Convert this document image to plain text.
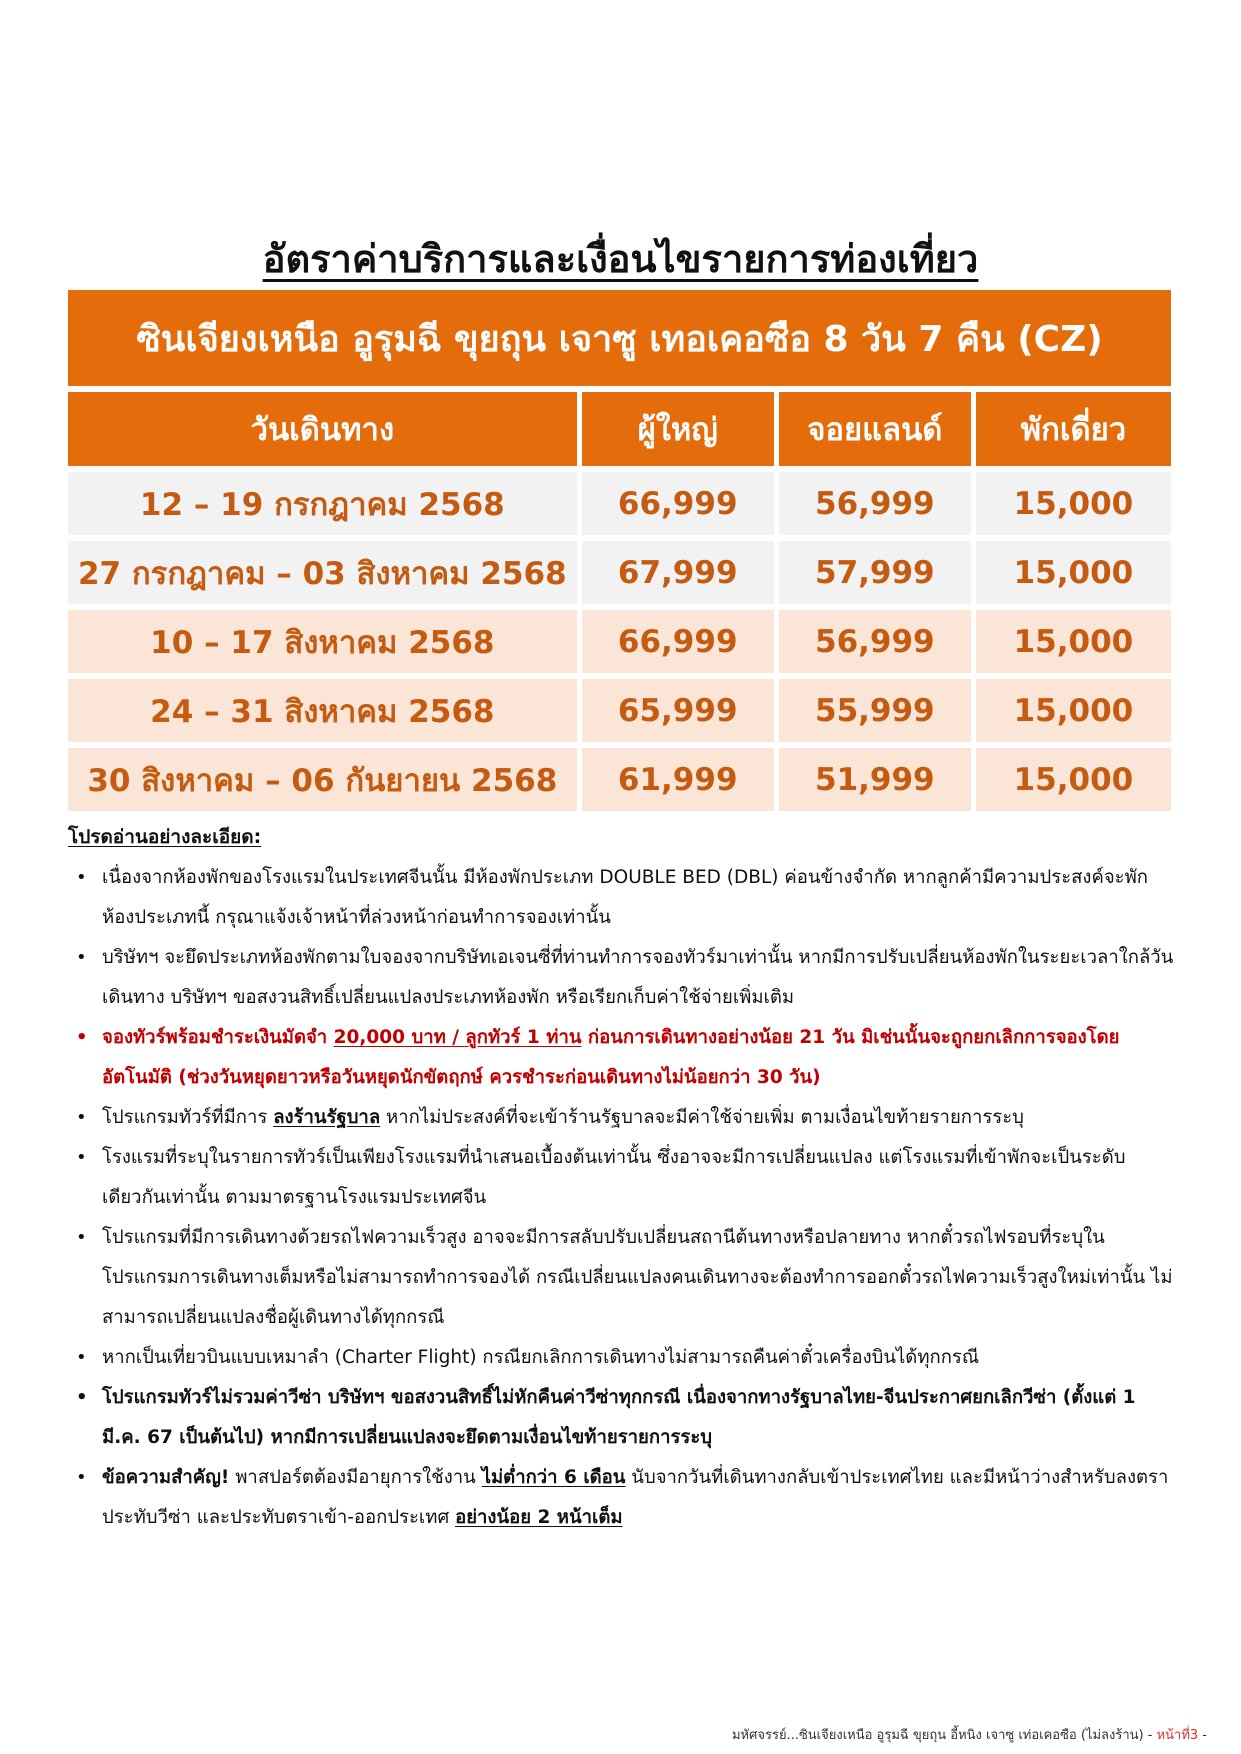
อัตราค่าบริการและเงื่อนไขรายการท่องเที่ยว
ซินเจียงเหนือ อูรุมฉี ขุยถุน เจาซู เทอเคอซือ 8 วัน 7 คืน (CZ)
วันเดินทาง	ผู้ใหญ่	จอยแลนด์	พักเดี่ยว
12 – 19 กรกฎาคม 2568	66,999	56,999	15,000
27 กรกฎาคม – 03 สิงหาคม 2568	67,999	57,999	15,000
10 – 17 สิงหาคม 2568	66,999	56,999	15,000
24 – 31 สิงหาคม 2568	65,999	55,999	15,000
30 สิงหาคม – 06 กันยายน 2568	61,999	51,999	15,000
โปรดอ่านอย่างละเอียด:
• เนื่องจากห้องพักของโรงแรมในประเทศจีนนั้น มีห้องพักประเภท DOUBLE BED (DBL) ค่อนข้างจำกัด หากลูกค้ามีความประสงค์จะพักห้องประเภทนี้ กรุณาแจ้งเจ้าหน้าที่ล่วงหน้าก่อนทำการจองเท่านั้น
• บริษัทฯ จะยึดประเภทห้องพักตามใบจองจากบริษัทเอเจนซี่ที่ท่านทำการจองทัวร์มาเท่านั้น หากมีการปรับเปลี่ยนห้องพักในระยะเวลาใกล้วันเดินทาง บริษัทฯ ขอสงวนสิทธิ์เปลี่ยนแปลงประเภทห้องพัก หรือเรียกเก็บค่าใช้จ่ายเพิ่มเติม
• จองทัวร์พร้อมชำระเงินมัดจำ 20,000 บาท / ลูกทัวร์ 1 ท่าน ก่อนการเดินทางอย่างน้อย 21 วัน มิเช่นนั้นจะถูกยกเลิกการจองโดยอัตโนมัติ (ช่วงวันหยุดยาวหรือวันหยุดนักขัตฤกษ์ ควรชำระก่อนเดินทางไม่น้อยกว่า 30 วัน)
• โปรแกรมทัวร์ที่มีการ ลงร้านรัฐบาล หากไม่ประสงค์ที่จะเข้าร้านรัฐบาลจะมีค่าใช้จ่ายเพิ่ม ตามเงื่อนไขท้ายรายการระบุ
• โรงแรมที่ระบุในรายการทัวร์เป็นเพียงโรงแรมที่นำเสนอเบื้องต้นเท่านั้น ซึ่งอาจจะมีการเปลี่ยนแปลง แต่โรงแรมที่เข้าพักจะเป็นระดับเดียวกันเท่านั้น ตามมาตรฐานโรงแรมประเทศจีน
• โปรแกรมที่มีการเดินทางด้วยรถไฟความเร็วสูง อาจจะมีการสลับปรับเปลี่ยนสถานีต้นทางหรือปลายทาง หากตั๋วรถไฟรอบที่ระบุในโปรแกรมการเดินทางเต็มหรือไม่สามารถทำการจองได้ กรณีเปลี่ยนแปลงคนเดินทางจะต้องทำการออกตั๋วรถไฟความเร็วสูงใหม่เท่านั้น ไม่สามารถเปลี่ยนแปลงชื่อผู้เดินทางได้ทุกกรณี
• หากเป็นเที่ยวบินแบบเหมาลำ (Charter Flight) กรณียกเลิกการเดินทางไม่สามารถคืนค่าตั๋วเครื่องบินได้ทุกกรณี
• โปรแกรมทัวร์ไม่รวมค่าวีซ่า บริษัทฯ ขอสงวนสิทธิ์ไม่หักคืนค่าวีซ่าทุกกรณี เนื่องจากทางรัฐบาลไทย-จีนประกาศยกเลิกวีซ่า (ตั้งแต่ 1 มี.ค. 67 เป็นต้นไป) หากมีการเปลี่ยนแปลงจะยึดตามเงื่อนไขท้ายรายการระบุ
• ข้อความสำคัญ! พาสปอร์ตต้องมีอายุการใช้งาน ไม่ต่ำกว่า 6 เดือน นับจากวันที่เดินทางกลับเข้าประเทศไทย และมีหน้าว่างสำหรับลงตราประทับวีซ่า และประทับตราเข้า-ออกประเทศ อย่างน้อย 2 หน้าเต็ม
มหัศจรรย์...ซินเจียงเหนือ อูรุมฉี ขุยถุน อี้หนิง เจาซู เท่อเคอซือ (ไม่ลงร้าน) - หน้าที่3 -
